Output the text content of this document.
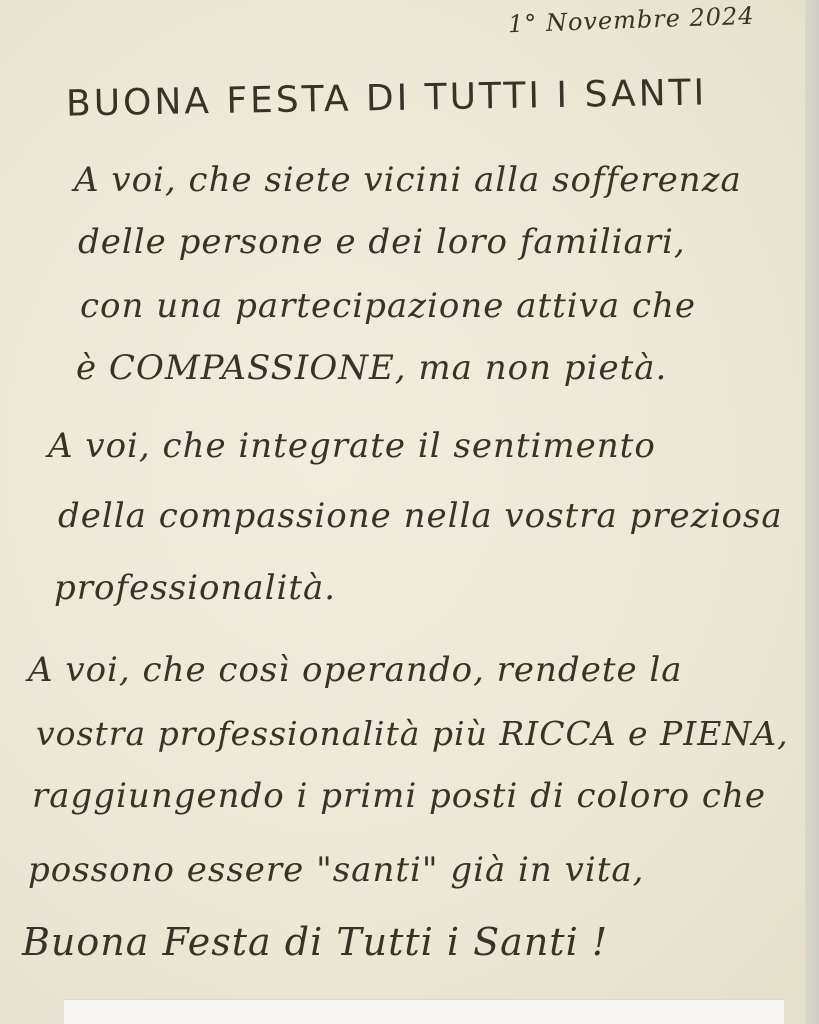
1° Novembre 2024
BUONA FESTA DI TUTTI I SANTI
A voi, che siete vicini alla sofferenza
delle persone e dei loro familiari,
con una partecipazione attiva che
è COMPASSIONE, ma non pietà.
A voi, che integrate il sentimento
della compassione nella vostra preziosa
professionalità.
A voi, che così operando, rendete la
vostra professionalità più RICCA e PIENA,
raggiungendo i primi posti di coloro che
possono essere "santi" già in vita,
Buona Festa di Tutti i Santi !
